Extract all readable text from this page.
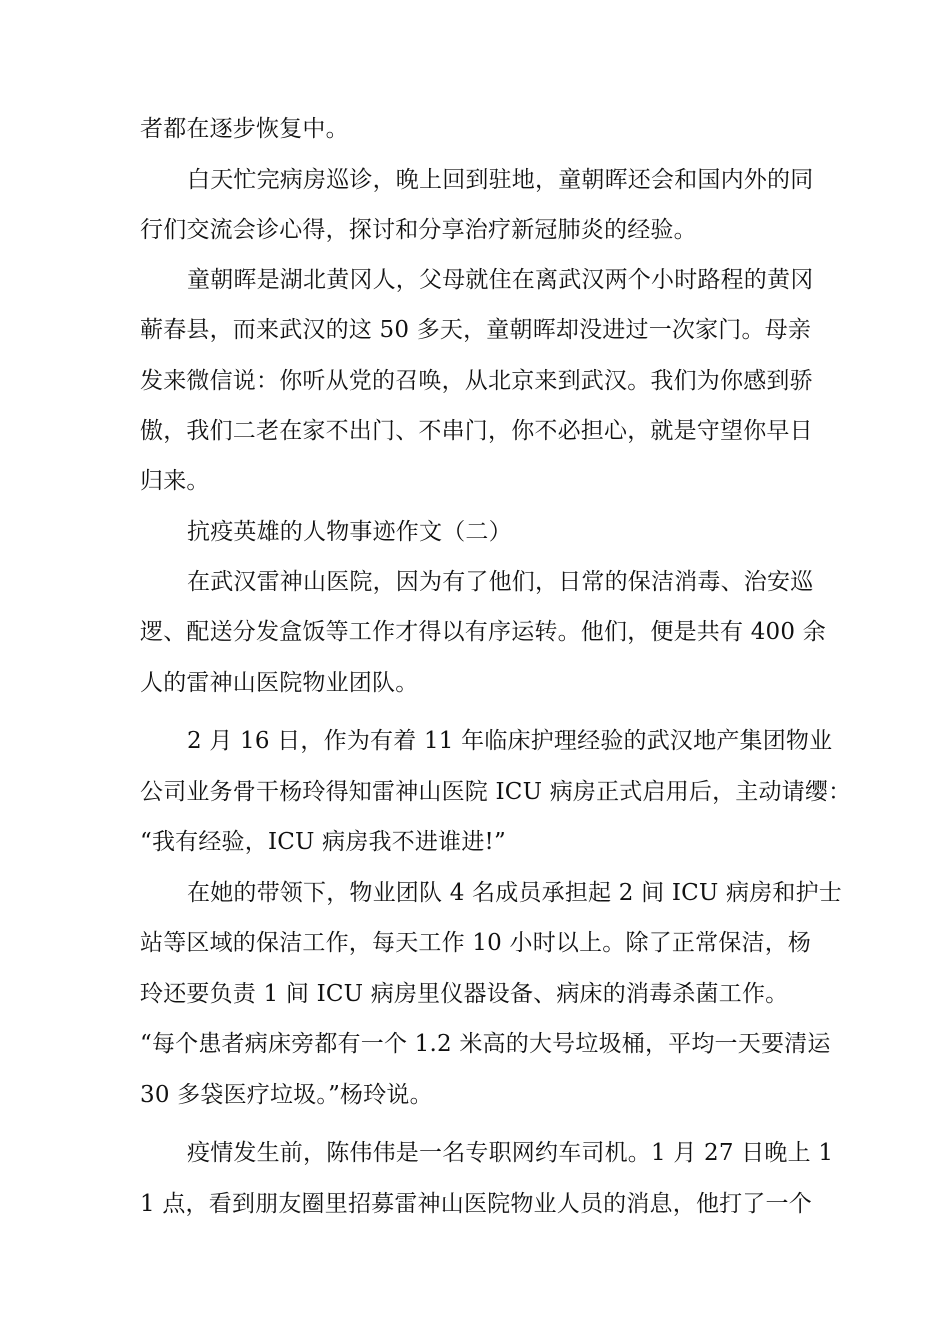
者都在逐步恢复中。
白天忙完病房巡诊，晚上回到驻地，童朝晖还会和国内外的同
行们交流会诊心得，探讨和分享治疗新冠肺炎的经验。
童朝晖是湖北黄冈人，父母就住在离武汉两个小时路程的黄冈
蕲春县，而来武汉的这 50 多天，童朝晖却没进过一次家门。母亲
发来微信说：你听从党的召唤，从北京来到武汉。我们为你感到骄
傲，我们二老在家不出门、不串门，你不必担心，就是守望你早日
归来。
抗疫英雄的人物事迹作文（二）
在武汉雷神山医院，因为有了他们，日常的保洁消毒、治安巡
逻、配送分发盒饭等工作才得以有序运转。他们，便是共有 400 余
人的雷神山医院物业团队。
2 月 16 日，作为有着 11 年临床护理经验的武汉地产集团物业
公司业务骨干杨玲得知雷神山医院 ICU 病房正式启用后，主动请缨：
“我有经验，ICU 病房我不进谁进!”
在她的带领下，物业团队 4 名成员承担起 2 间 ICU 病房和护士
站等区域的保洁工作，每天工作 10 小时以上。除了正常保洁，杨
玲还要负责 1 间 ICU 病房里仪器设备、病床的消毒杀菌工作。
“每个患者病床旁都有一个 1.2 米高的大号垃圾桶，平均一天要清运
30 多袋医疗垃圾。”杨玲说。
疫情发生前，陈伟伟是一名专职网约车司机。1 月 27 日晚上 1
1 点，看到朋友圈里招募雷神山医院物业人员的消息，他打了一个
